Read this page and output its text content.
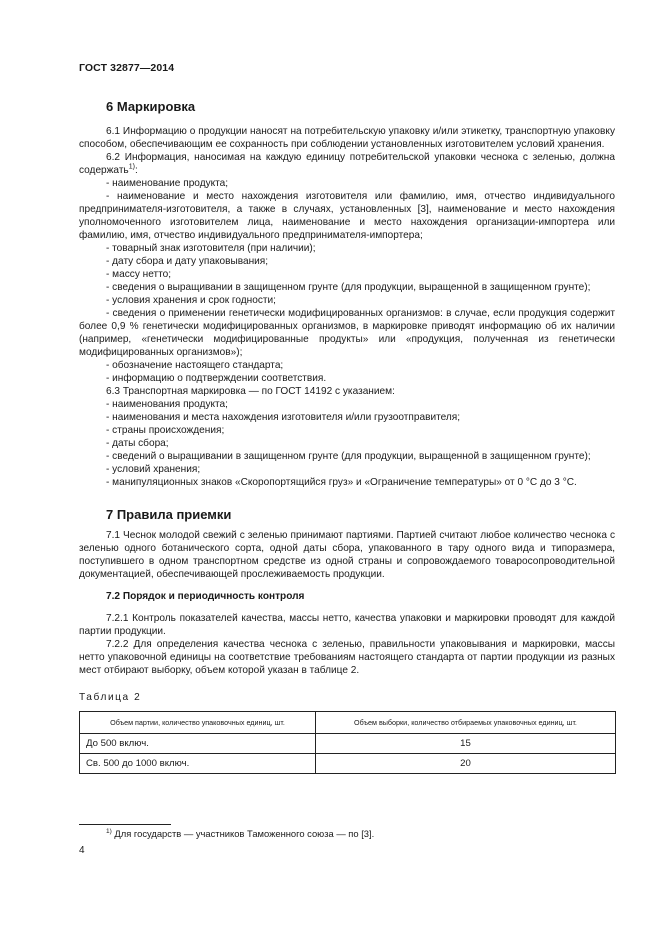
ГОСТ 32877—2014
6 Маркировка

6.1 Информацию о продукции наносят на потребительскую упаковку и/или этикетку, транспортную упаковку способом, обеспечивающим ее сохранность при соблюдении установленных изготовителем условий хранения.

6.2 Информация, наносимая на каждую единицу потребительской упаковки чеснока с зеленью, должна содержать$^{1)}$:

- наименование продукта;

- наименование и место нахождения изготовителя или фамилию, имя, отчество индивидуального предпринимателя-изготовителя, а также в случаях, установленных [3], наименование и место нахождения уполномоченного изготовителем лица, наименование и место нахождения организации-импортера или фамилию, имя, отчество индивидуального предпринимателя-импортера;

- товарный знак изготовителя (при наличии);

- дату сбора и дату упаковывания;

- массу нетто;

- сведения о выращивании в защищенном грунте (для продукции, выращенной в защищенном грунте);

- условия хранения и срок годности;

- сведения о применении генетически модифицированных организмов: в случае, если продукция содержит более 0,9 % генетически модифицированных организмов, в маркировке приводят информацию об их наличии (например, «генетически модифицированные продукты» или «продукция, полученная из генетически модифицированных организмов»);

- обозначение настоящего стандарта;

- информацию о подтверждении соответствия.

6.3 Транспортная маркировка — по ГОСТ 14192 с указанием:

- наименования продукта;

- наименования и места нахождения изготовителя и/или грузоотправителя;

- страны происхождения;

- даты сбора;

- сведений о выращивании в защищенном грунте (для продукции, выращенной в защищенном грунте);

- условий хранения;

- манипуляционных знаков «Скоропортящийся груз» и «Ограничение температуры» от 0 °С до 3 °С.

7 Правила приемки

7.1 Чеснок молодой свежий с зеленью принимают партиями. Партией считают любое количество чеснока с зеленью одного ботанического сорта, одной даты сбора, упакованного в тару одного вида и типоразмера, поступившего в одном транспортном средстве из одной страны и сопровождаемого товаросопроводительной документацией, обеспечивающей прослеживаемость продукции.

7.2 Порядок и периодичность контроля

7.2.1 Контроль показателей качества, массы нетто, качества упаковки и маркировки проводят для каждой партии продукции.

7.2.2 Для определения качества чеснока с зеленью, правильности упаковывания и маркировки, массы нетто упаковочной единицы на соответствие требованиям настоящего стандарта от партии продукции из разных мест отбирают выборку, объем которой указан в таблице 2.

Таблица 2
Объем партии, количество упаковочных единиц, шт.	Объем выборки, количество отбираемых упаковочных единиц, шт.
До 500 включ.	15
Св. 500 до 1000 включ.	20
$^{1)}$ Для государств — участников Таможенного союза — по [3].
4
